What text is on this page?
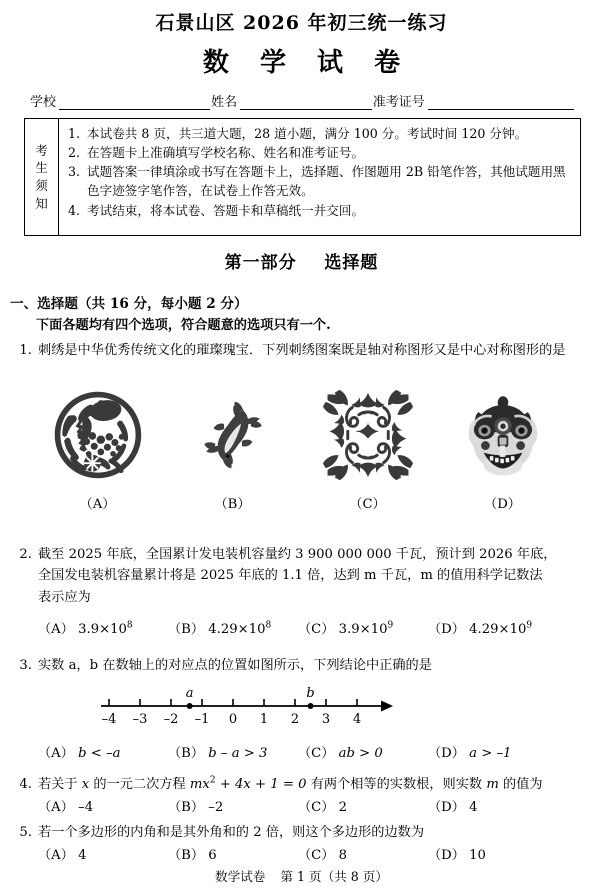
石景山区 2026 年初三统一练习
数 学 试 卷
学校	姓名	准考证号
考
生
须
知
1. 本试卷共 8 页，共三道大题，28 道小题，满分 100 分。考试时间 120 分钟。
2. 在答题卡上准确填写学校名称、姓名和准考证号。
3. 试题答案一律填涂或书写在答题卡上，选择题、作图题用 2B 铅笔作答，其他试题用黑色字迹签字笔作答，在试卷上作答无效。
4. 考试结束，将本试卷、答题卡和草稿纸一并交回。
第一部分 选择题
一、选择题（共 16 分，每小题 2 分）
下面各题均有四个选项，符合题意的选项只有一个.
1. 刺绣是中华优秀传统文化的璀璨瑰宝．下列刺绣图案既是轴对称图形又是中心对称图形的是
（A）	（B）	（C）	（D）
2. 截至 2025 年底，全国累计发电装机容量约 3 900 000 000 千瓦，预计到 2026 年底，
全国发电装机容量累计将是 2025 年底的 1.1 倍，达到 m 千瓦，m 的值用科学记数法
表示应为
（A） $3.9\times 10^8$	（B） $4.29\times 10^8$	（C） $3.9\times 10^9$	（D） $4.29\times 10^9$
3. 实数 a，b 在数轴上的对应点的位置如图所示，下列结论中正确的是
–4 –3 –2 –1 0 1 2 3 4
a	b
（A） b < –a	（B） b – a > 3	（C） ab > 0	（D） a > –1
4. 若关于 x 的一元二次方程 $mx^2 + 4x + 1 = 0$ 有两个相等的实数根，则实数 m 的值为
（A） –4	（B） –2	（C） 2	（D） 4
5. 若一个多边形的内角和是其外角和的 2 倍，则这个多边形的边数为
（A） 4	（B） 6	（C） 8	（D） 10
数学试卷 第 1 页（共 8 页）
